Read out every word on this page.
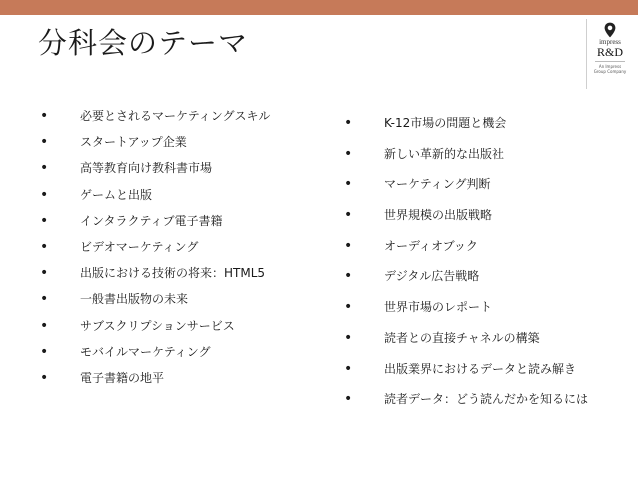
分科会のテーマ	impress
R&D
An Impress
Group Company
•	必要とされるマーケティングスキル
•	スタートアップ企業
•	高等教育向け教科書市場
•	ゲームと出版
•	インタラクティブ電子書籍
•	ビデオマーケティング
•	出版における技術の将来：HTML5
•	一般書出版物の未来
•	サブスクリプションサービス
•	モバイルマーケティング
•	電子書籍の地平
•	K-12市場の問題と機会
•	新しい革新的な出版社
•	マーケティング判断
•	世界規模の出版戦略
•	オーディオブック
•	デジタル広告戦略
•	世界市場のレポート
•	読者との直接チャネルの構築
•	出版業界におけるデータと読み解き
•	読者データ：どう読んだかを知るには
